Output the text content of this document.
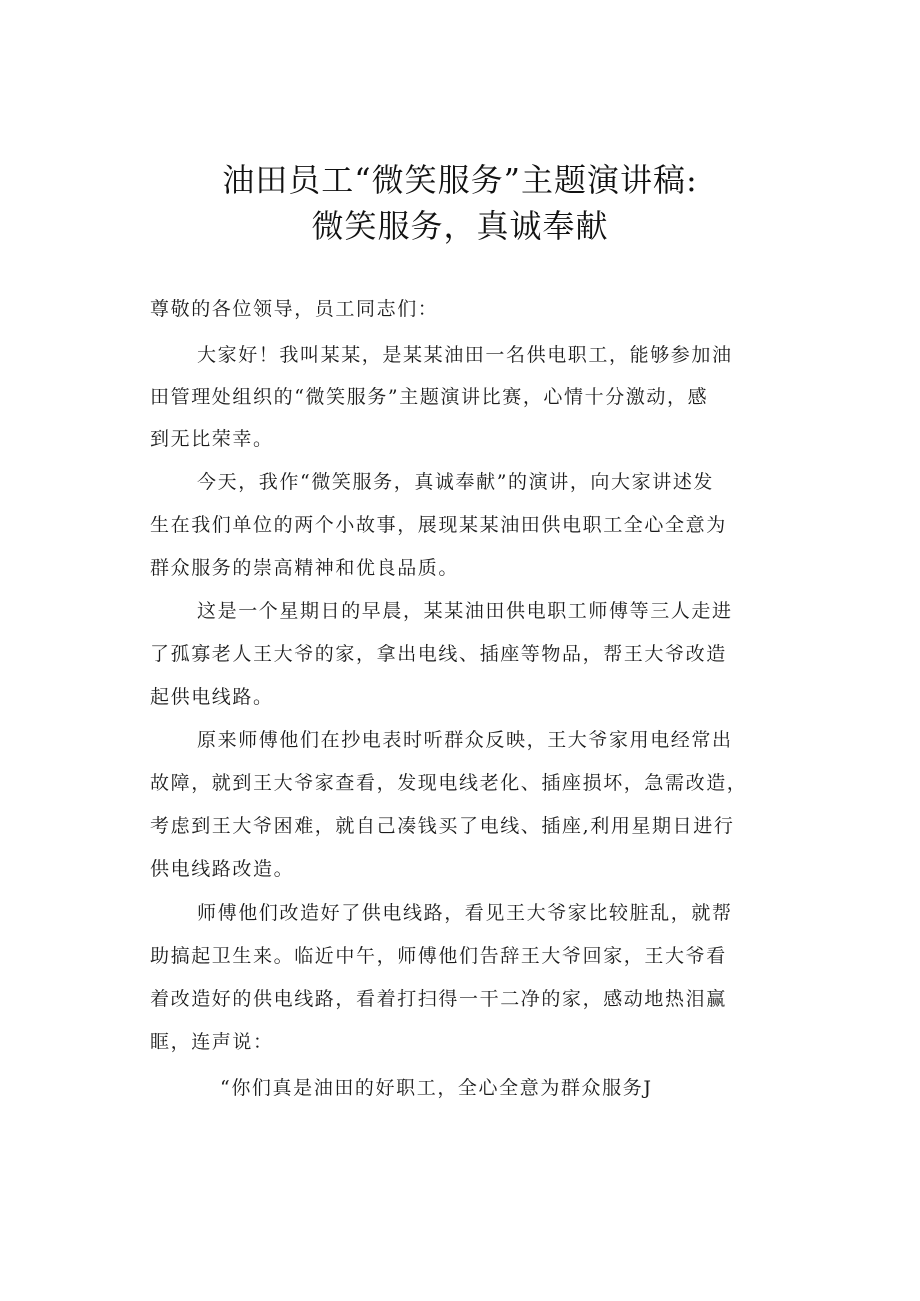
油田员工“微笑服务”主题演讲稿:
微笑服务，真诚奉献
尊敬的各位领导，员工同志们：
大家好！我叫某某，是某某油田一名供电职工，能够参加油
田管理处组织的“微笑服务”主题演讲比赛，心情十分激动，感
到无比荣幸。
今天，我作“微笑服务，真诚奉献”的演讲，向大家讲述发
生在我们单位的两个小故事，展现某某油田供电职工全心全意为
群众服务的崇高精神和优良品质。
这是一个星期日的早晨，某某油田供电职工师傅等三人走进
了孤寡老人王大爷的家，拿出电线、插座等物品，帮王大爷改造
起供电线路。
原来师傅他们在抄电表时听群众反映，王大爷家用电经常出
故障，就到王大爷家查看，发现电线老化、插座损坏，急需改造，
考虑到王大爷困难，就自己凑钱买了电线、插座,利用星期日进行
供电线路改造。
师傅他们改造好了供电线路，看见王大爷家比较脏乱，就帮
助搞起卫生来。临近中午，师傅他们告辞王大爷回家，王大爷看
着改造好的供电线路，看着打扫得一干二净的家，感动地热泪赢
眶，连声说：
“你们真是油田的好职工，全心全意为群众服务J
